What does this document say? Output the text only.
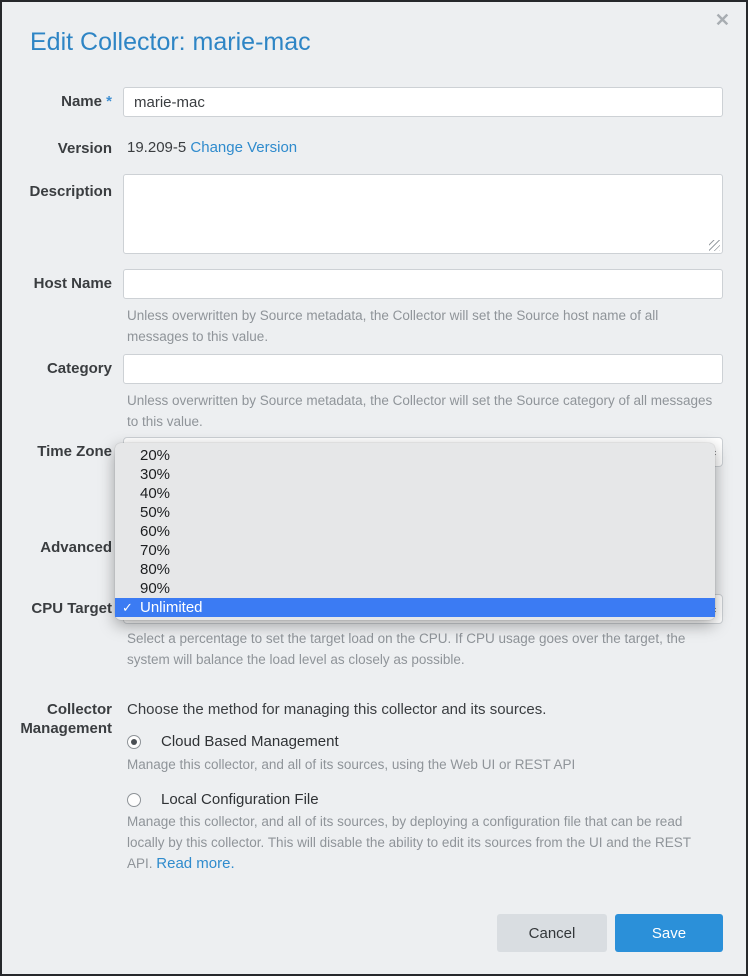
Edit Collector: marie-mac
✕
Name *
marie-mac
Version 19.209-5 Change Version
Description
Host Name
Unless overwritten by Source metadata, the Collector will set the Source host name of all messages to this value.
Category
Unless overwritten by Source metadata, the Collector will set the Source category of all messages to this value.
Time Zone
Advanced
CPU Target
Select a percentage to set the target load on the CPU. If CPU usage goes over the target, the system will balance the load level as closely as possible.
20%
30%
40%
50%
60%
70%
80%
90%
✓ Unlimited
Collector
Management
Choose the method for managing this collector and its sources.
Cloud Based Management
Manage this collector, and all of its sources, using the Web UI or REST API
Local Configuration File
Manage this collector, and all of its sources, by deploying a configuration file that can be read locally by this collector. This will disable the ability to edit its sources from the UI and the REST API. Read more.
Cancel	Save
